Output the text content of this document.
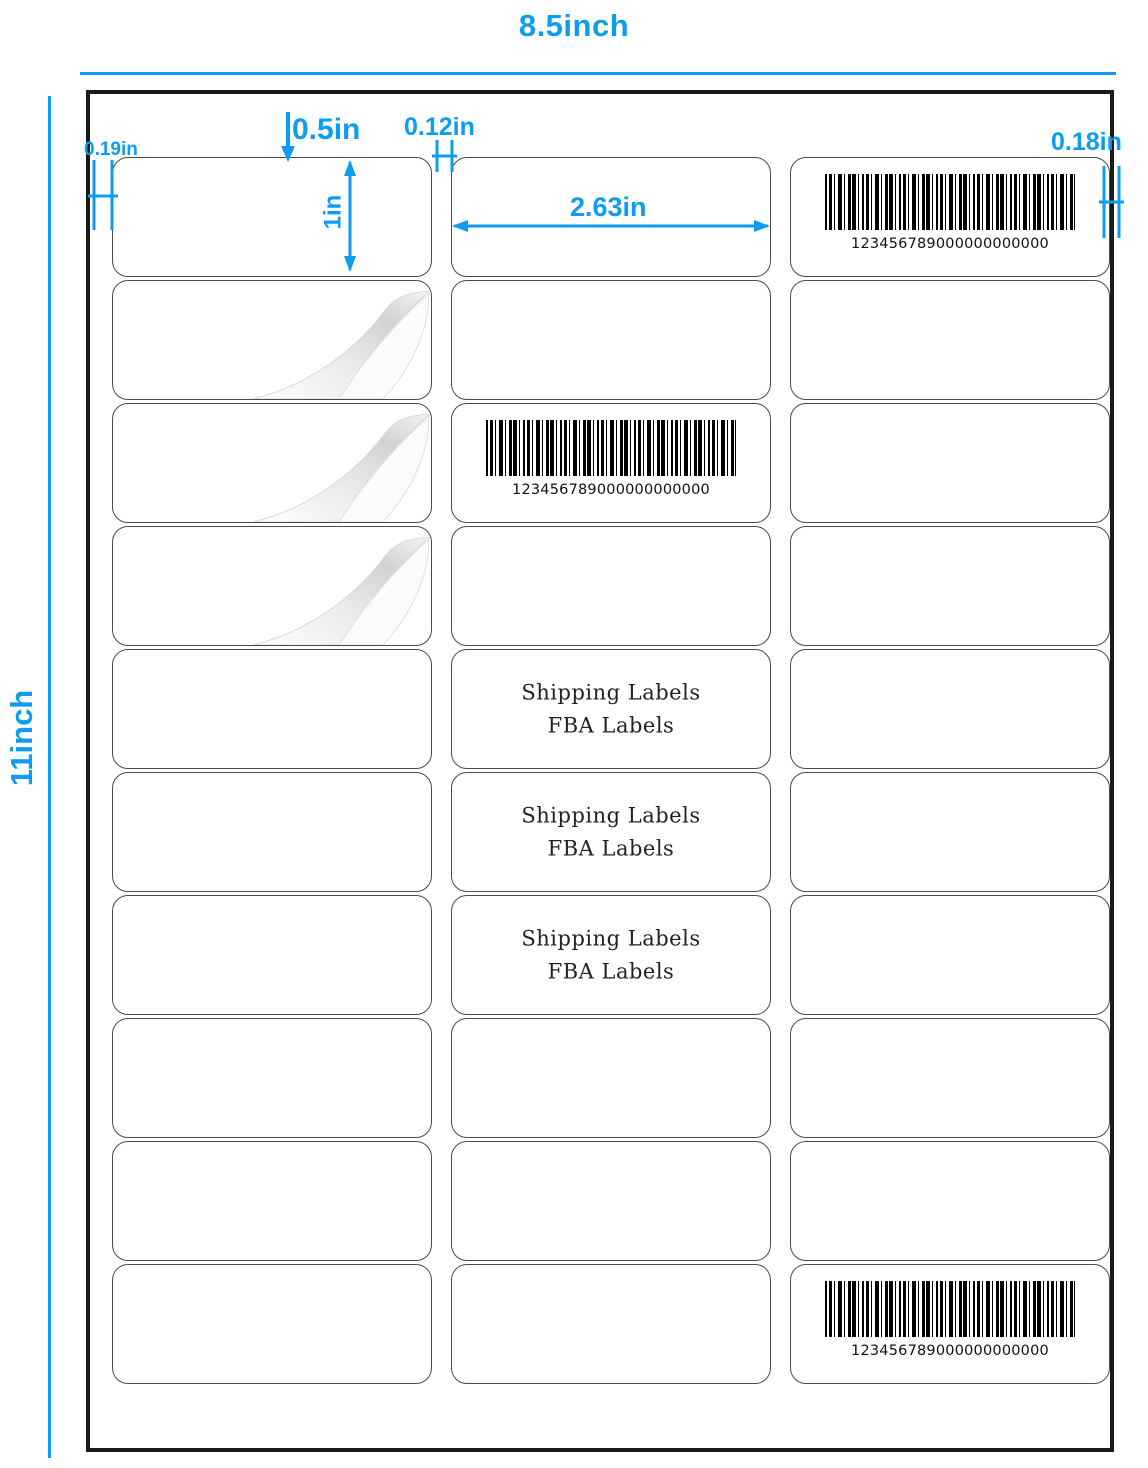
8.5inch
11inch
123456789000000000000
Shipping Labels
FBA Labels
Shipping Labels
FBA Labels
Shipping Labels
FBA Labels
123456789000000000000
123456789000000000000
0.19in
0.5in 0.12in
0.18in
1in	2.63in
